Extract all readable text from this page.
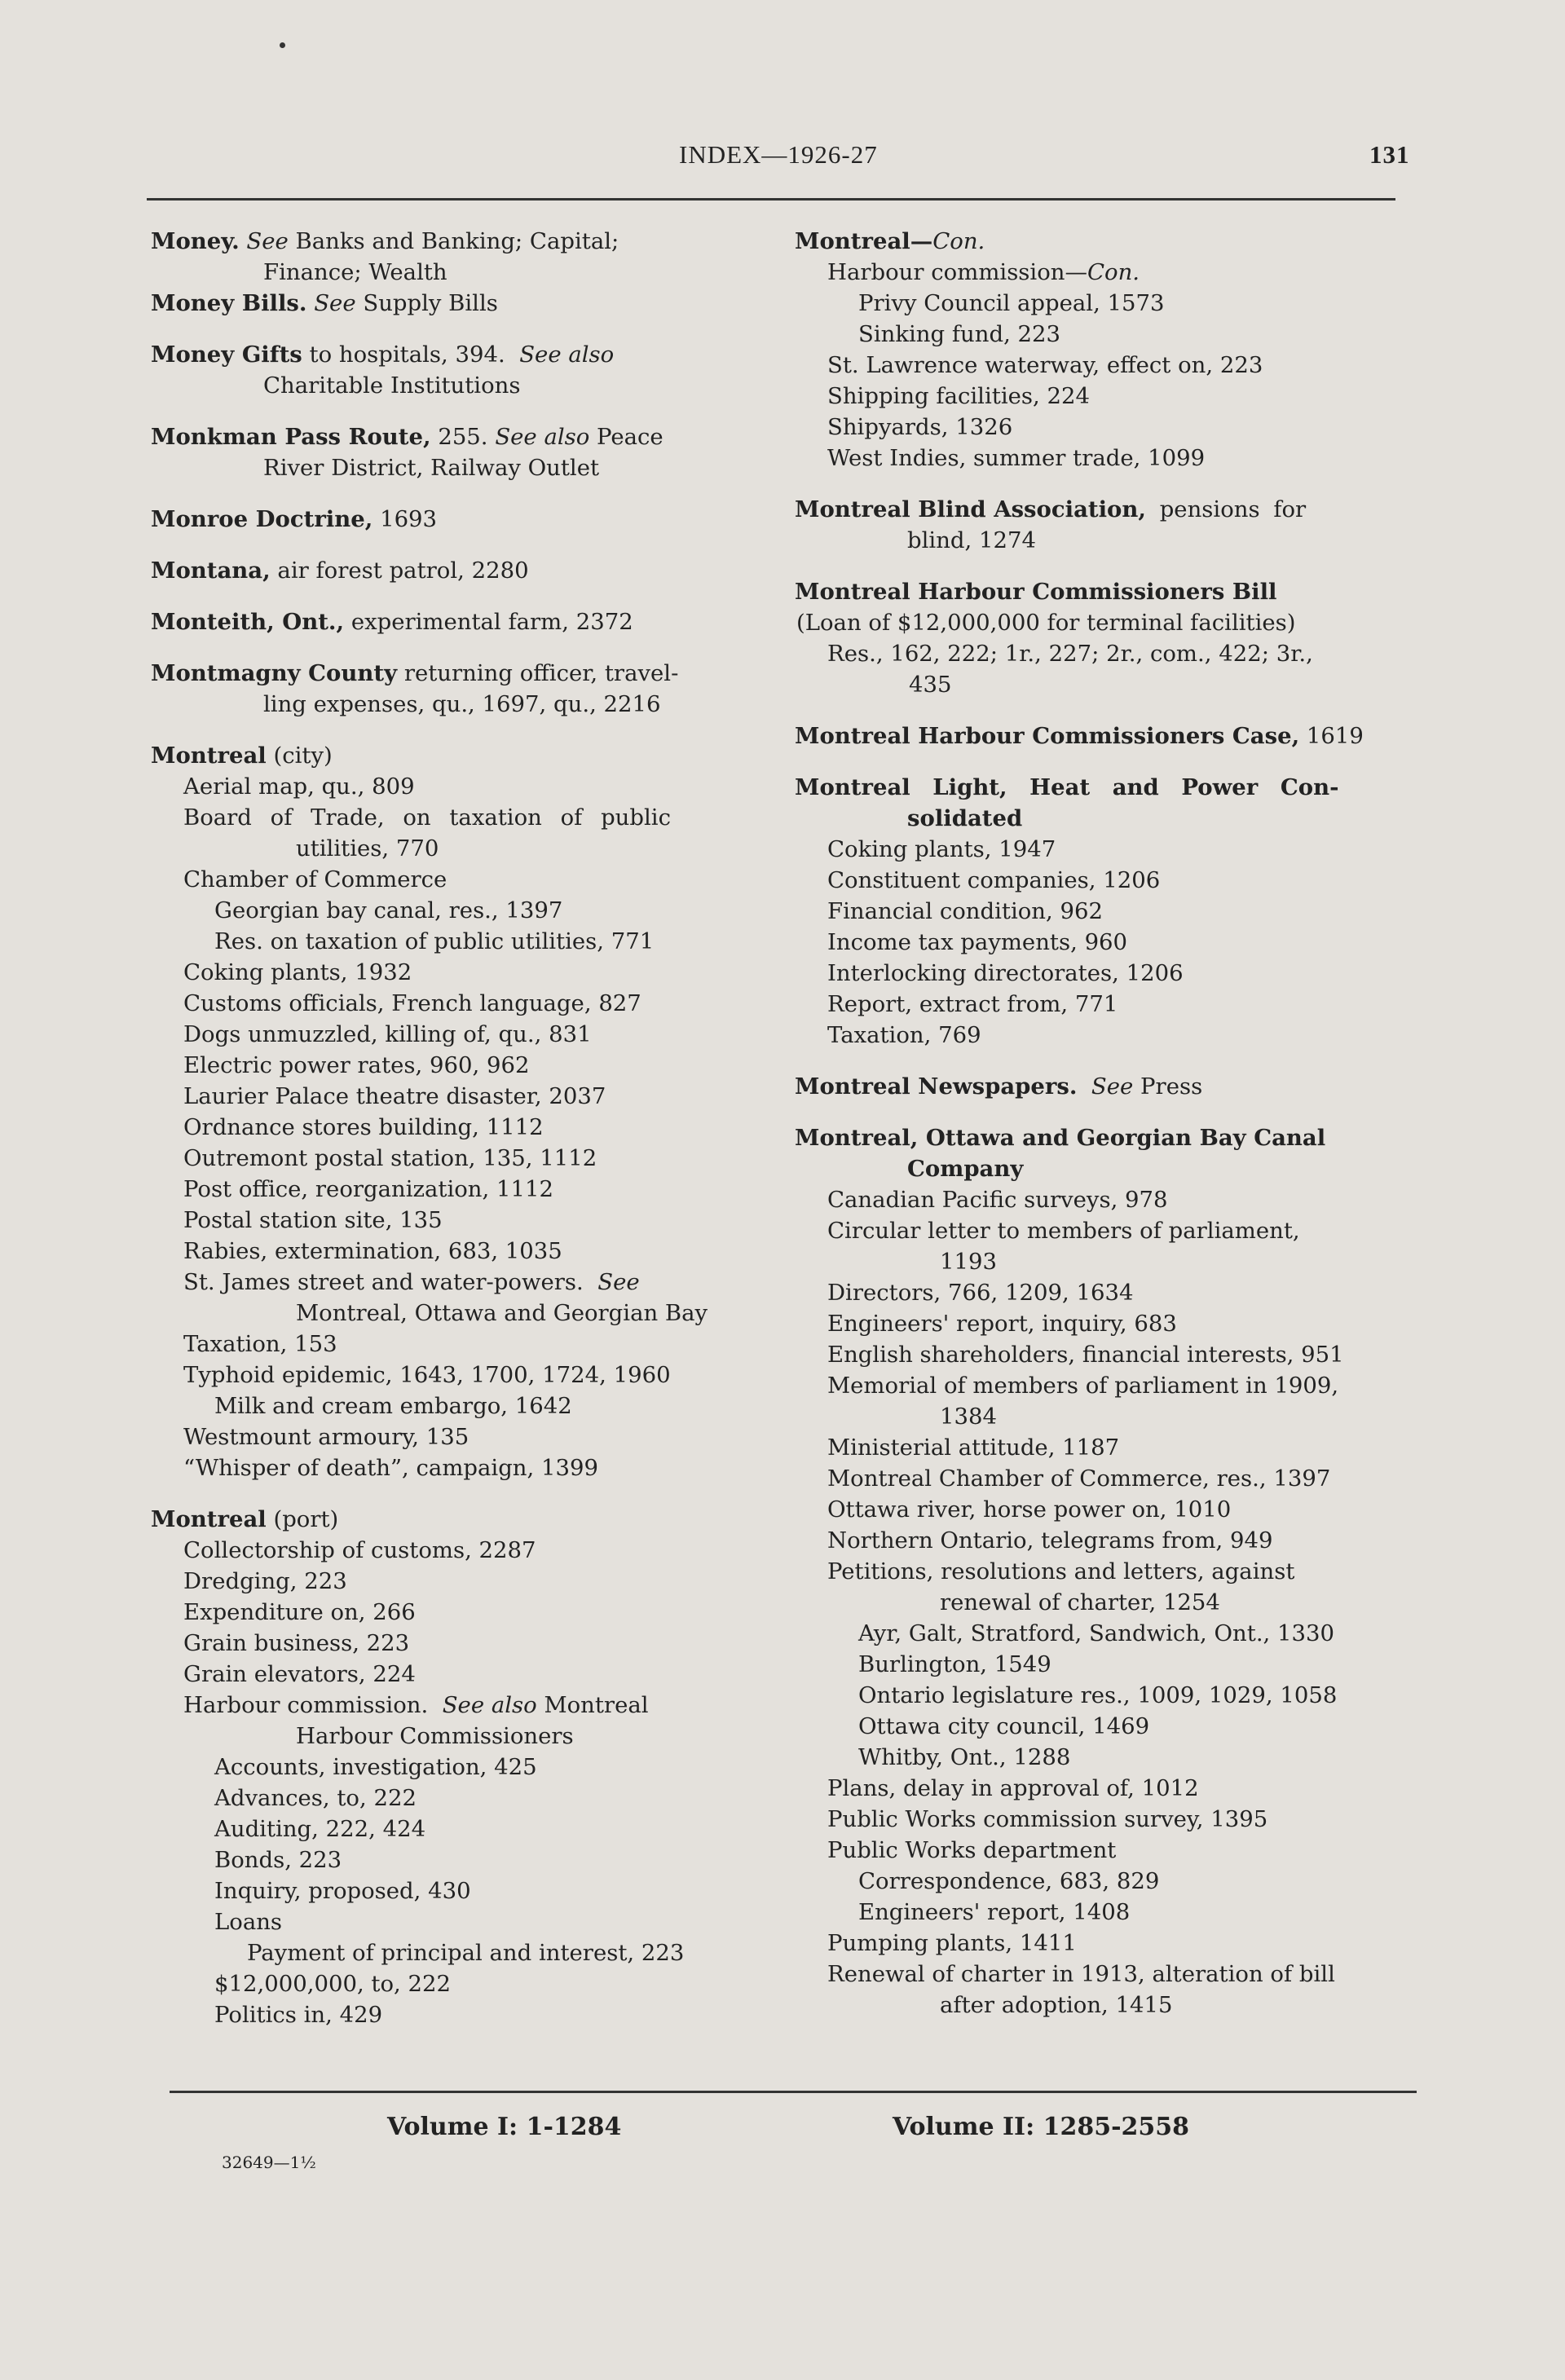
INDEX—1926-27	131

Money. See Banks and Banking; Capital;

Finance; Wealth

Money Bills. See Supply Bills

Money Gifts to hospitals, 394. See also

Charitable Institutions

Monkman Pass Route, 255. See also Peace

River District, Railway Outlet

Monroe Doctrine, 1693

Montana, air forest patrol, 2280

Monteith, Ont., experimental farm, 2372

Montmagny County returning officer, travel-

ling expenses, qu., 1697, qu., 2216

Montreal (city)

Aerial map, qu., 809

Board of Trade, on taxation of public

utilities, 770

Chamber of Commerce

Georgian bay canal, res., 1397

Res. on taxation of public utilities, 771

Coking plants, 1932

Customs officials, French language, 827

Dogs unmuzzled, killing of, qu., 831

Electric power rates, 960, 962

Laurier Palace theatre disaster, 2037

Ordnance stores building, 1112

Outremont postal station, 135, 1112

Post office, reorganization, 1112

Postal station site, 135

Rabies, extermination, 683, 1035

St. James street and water-powers. See

Montreal, Ottawa and Georgian Bay

Taxation, 153

Typhoid epidemic, 1643, 1700, 1724, 1960

Milk and cream embargo, 1642

Westmount armoury, 135

“Whisper of death”, campaign, 1399

Montreal (port)

Collectorship of customs, 2287

Dredging, 223

Expenditure on, 266

Grain business, 223

Grain elevators, 224

Harbour commission. See also Montreal

Harbour Commissioners

Accounts, investigation, 425

Advances, to, 222

Auditing, 222, 424

Bonds, 223

Inquiry, proposed, 430

Loans

Payment of principal and interest, 223

$12,000,000, to, 222

Politics in, 429

Montreal—Con.

Harbour commission—Con.

Privy Council appeal, 1573

Sinking fund, 223

St. Lawrence waterway, effect on, 223

Shipping facilities, 224

Shipyards, 1326

West Indies, summer trade, 1099

Montreal Blind Association, pensions for

blind, 1274

Montreal Harbour Commissioners Bill

(Loan of $12,000,000 for terminal facilities)

Res., 162, 222; 1r., 227; 2r., com., 422; 3r.,

435

Montreal Harbour Commissioners Case, 1619

Montreal Light, Heat and Power Con-

solidated

Coking plants, 1947

Constituent companies, 1206

Financial condition, 962

Income tax payments, 960

Interlocking directorates, 1206

Report, extract from, 771

Taxation, 769

Montreal Newspapers. See Press

Montreal, Ottawa and Georgian Bay Canal

Company

Canadian Pacific surveys, 978

Circular letter to members of parliament,

1193

Directors, 766, 1209, 1634

Engineers' report, inquiry, 683

English shareholders, financial interests, 951

Memorial of members of parliament in 1909,

1384

Ministerial attitude, 1187

Montreal Chamber of Commerce, res., 1397

Ottawa river, horse power on, 1010

Northern Ontario, telegrams from, 949

Petitions, resolutions and letters, against

renewal of charter, 1254

Ayr, Galt, Stratford, Sandwich, Ont., 1330

Burlington, 1549

Ontario legislature res., 1009, 1029, 1058

Ottawa city council, 1469

Whitby, Ont., 1288

Plans, delay in approval of, 1012

Public Works commission survey, 1395

Public Works department

Correspondence, 683, 829

Engineers' report, 1408

Pumping plants, 1411

Renewal of charter in 1913, alteration of bill

after adoption, 1415

Volume I: 1-1284	Volume II: 1285-2558
32649—1½
